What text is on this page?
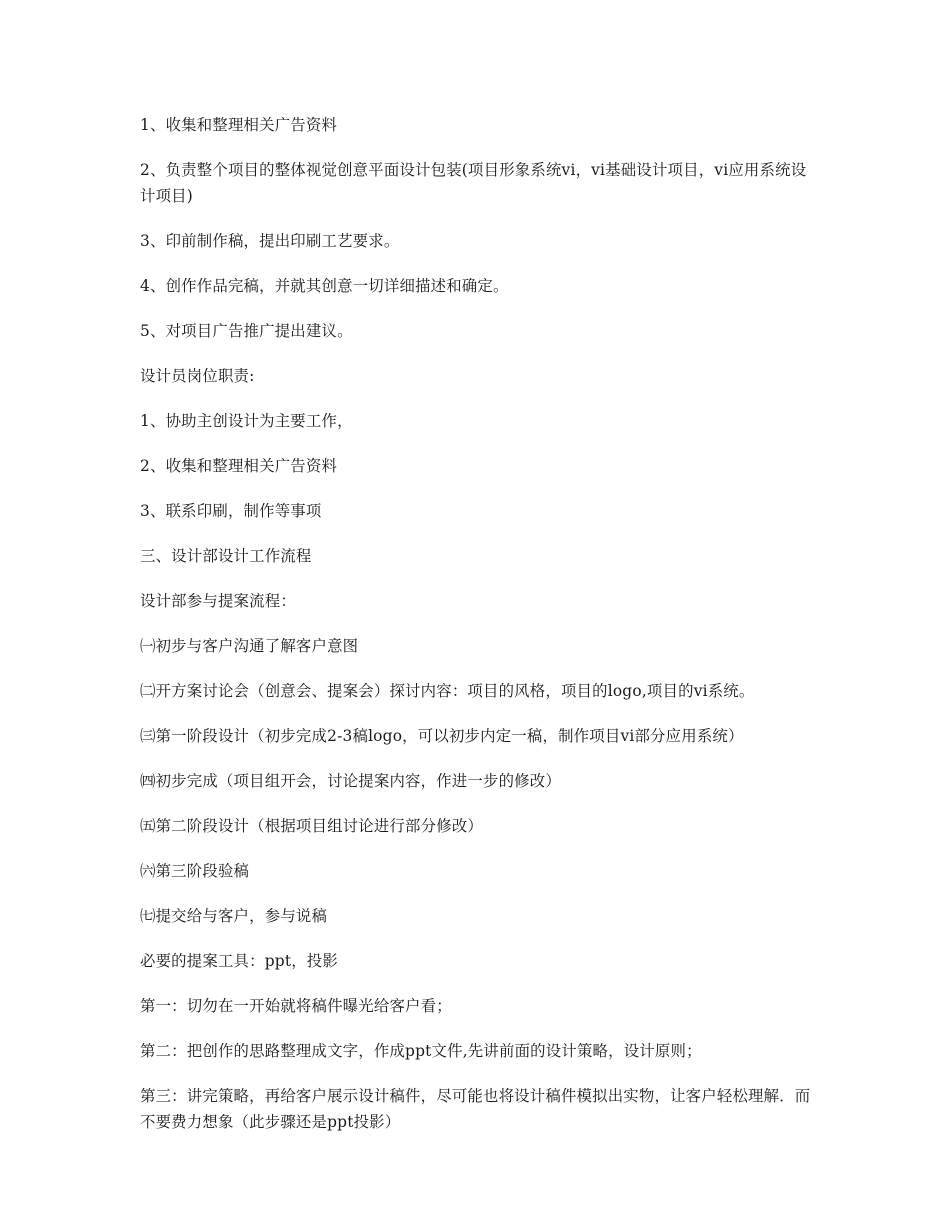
1、收集和整理相关广告资料

2、负责整个项目的整体视觉创意平面设计包装(项目形象系统vi，vi基础设计项目，vi应用系统设计项目)

3、印前制作稿，提出印刷工艺要求。

4、创作作品完稿，并就其创意一切详细描述和确定。

5、对项目广告推广提出建议。

设计员岗位职责:

1、协助主创设计为主要工作，

2、收集和整理相关广告资料

3、联系印刷，制作等事项

三、设计部设计工作流程

设计部参与提案流程：

㈠初步与客户沟通了解客户意图

㈡开方案讨论会（创意会、提案会）探讨内容：项目的风格，项目的logo,项目的vi系统。

㈢第一阶段设计（初步完成2-3稿logo，可以初步内定一稿，制作项目vi部分应用系统）

㈣初步完成（项目组开会，讨论提案内容，作进一步的修改）

㈤第二阶段设计（根据项目组讨论进行部分修改）

㈥第三阶段验稿

㈦提交给与客户，参与说稿

必要的提案工具：ppt，投影

第一：切勿在一开始就将稿件曝光给客户看；

第二：把创作的思路整理成文字，作成ppt文件,先讲前面的设计策略，设计原则；

第三：讲完策略，再给客户展示设计稿件，尽可能也将设计稿件模拟出实物，让客户轻松理解．而不要费力想象（此步骤还是ppt投影）
